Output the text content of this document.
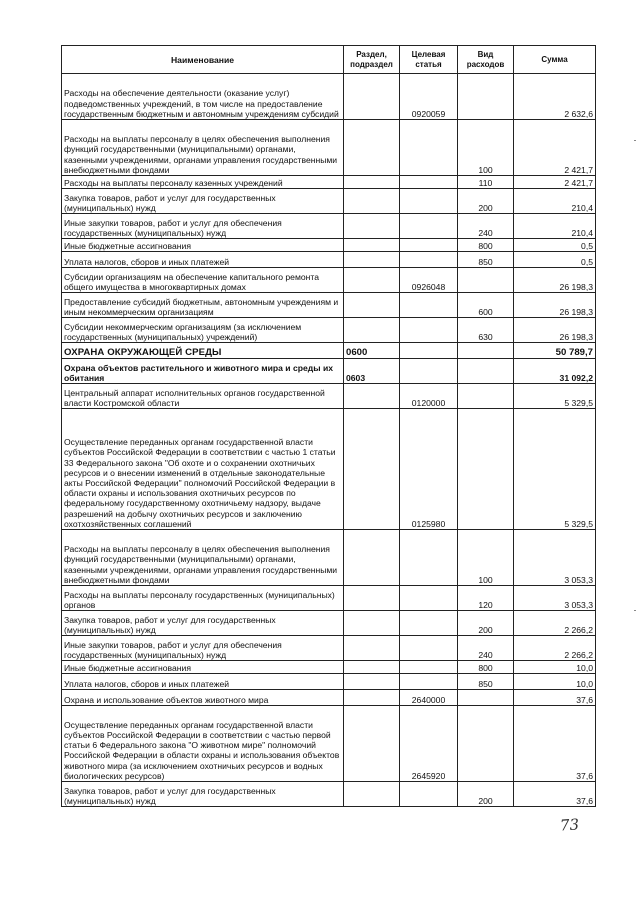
Наименование	Раздел, подраздел	Целевая статья	Вид расходов	Сумма
Расходы на обеспечение деятельности (оказание услуг) подведомственных учреждений, в том числе на предоставление государственным бюджетным и автономным учреждениям субсидий		0920059		2 632,6
Расходы на выплаты персоналу в целях обеспечения выполнения функций государственными (муниципальными) органами, казенными учреждениями, органами управления государственными внебюджетными фондами			100	2 421,7
Расходы на выплаты персоналу казенных учреждений			110	2 421,7
Закупка товаров, работ и услуг для государственных (муниципальных) нужд			200	210,4
Иные закупки товаров, работ и услуг для обеспечения государственных (муниципальных) нужд			240	210,4
Иные бюджетные ассигнования			800	0,5
Уплата налогов, сборов и иных платежей			850	0,5
Субсидии организациям на обеспечение капитального ремонта общего имущества в многоквартирных домах		0926048		26 198,3
Предоставление субсидий бюджетным, автономным учреждениям и иным некоммерческим организациям			600	26 198,3
Субсидии некоммерческим организациям (за исключением государственных (муниципальных) учреждений)			630	26 198,3
ОХРАНА ОКРУЖАЮЩЕЙ СРЕДЫ	0600			50 789,7
Охрана объектов растительного и животного мира и среды их обитания	0603			31 092,2
Центральный аппарат исполнительных органов государственной власти Костромской области		0120000		5 329,5
Осуществление переданных органам государственной власти субъектов Российской Федерации в соответствии с частью 1 статьи 33 Федерального закона "Об охоте и о сохранении охотничьих ресурсов и о внесении изменений в отдельные законодательные акты Российской Федерации" полномочий Российской Федерации в области охраны и использования охотничьих ресурсов по федеральному государственному охотничьему надзору, выдаче разрешений на добычу охотничьих ресурсов и заключению охотхозяйственных соглашений		0125980		5 329,5
Расходы на выплаты персоналу в целях обеспечения выполнения функций государственными (муниципальными) органами, казенными учреждениями, органами управления государственными внебюджетными фондами			100	3 053,3
Расходы на выплаты персоналу государственных (муниципальных) органов			120	3 053,3
Закупка товаров, работ и услуг для государственных (муниципальных) нужд			200	2 266,2
Иные закупки товаров, работ и услуг для обеспечения государственных (муниципальных) нужд			240	2 266,2
Иные бюджетные ассигнования			800	10,0
Уплата налогов, сборов и иных платежей			850	10,0
Охрана и использование объектов животного мира		2640000		37,6
Осуществление переданных органам государственной власти субъектов Российской Федерации в соответствии с частью первой статьи 6 Федерального закона "О животном мире" полномочий Российской Федерации в области охраны и использования объектов животного мира (за исключением охотничьих ресурсов и водных биологических ресурсов)		2645920		37,6
Закупка товаров, работ и услуг для государственных (муниципальных) нужд			200	37,6
73
